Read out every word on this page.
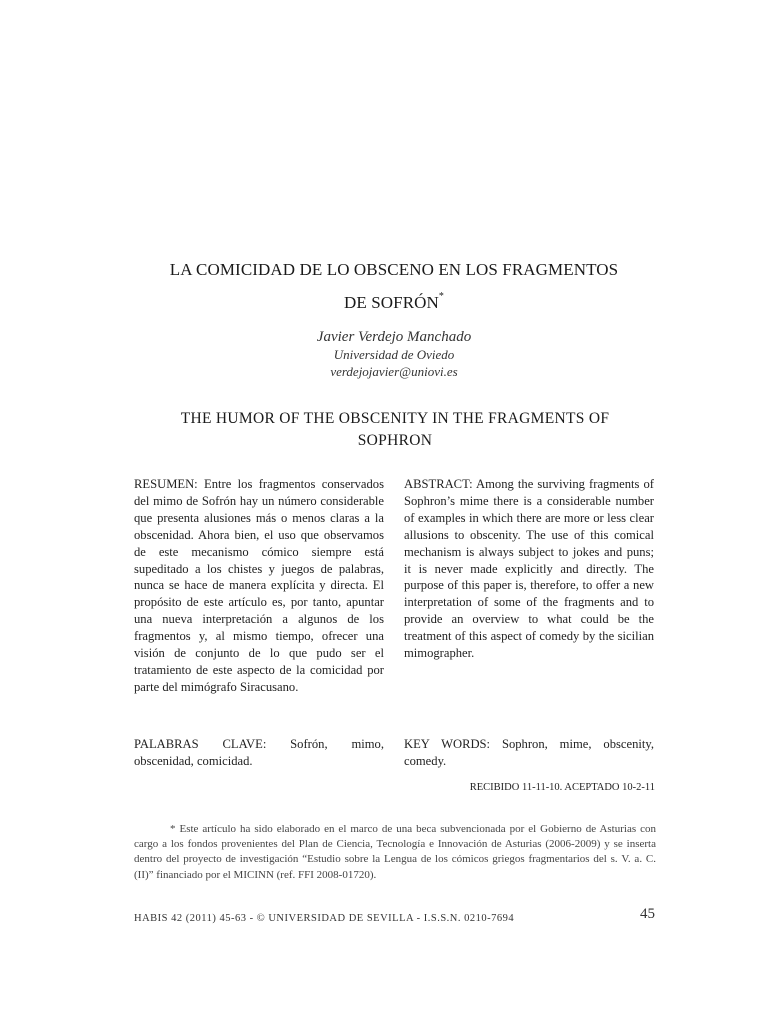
LA COMICIDAD DE LO OBSCENO EN LOS FRAGMENTOS
DE SOFRÓN*
Javier Verdejo Manchado
Universidad de Oviedo
verdejojavier@uniovi.es
THE HUMOR OF THE OBSCENITY IN THE FRAGMENTS OF
SOPHRON
RESUMEN: Entre los fragmentos conservados del mimo de Sofrón hay un número considerable que presenta alusiones más o menos claras a la obscenidad. Ahora bien, el uso que observamos de este mecanismo cómico siempre está supeditado a los chistes y juegos de palabras, nunca se hace de manera explícita y directa. El propósito de este artículo es, por tanto, apuntar una nueva interpretación a algunos de los fragmentos y, al mismo tiempo, ofrecer una visión de conjunto de lo que pudo ser el tratamiento de este aspecto de la comicidad por parte del mimógrafo Siracusano.
ABSTRACT: Among the surviving fragments of Sophron’s mime there is a considerable number of examples in which there are more or less clear allusions to obscenity. The use of this comical mechanism is always subject to jokes and puns; it is never made explicitly and directly. The purpose of this paper is, therefore, to offer a new interpretation of some of the fragments and to provide an overview to what could be the treatment of this aspect of comedy by the sicilian mimographer.
PALABRAS CLAVE: Sofrón, mimo, obscenidad, comicidad.
KEY WORDS: Sophron, mime, obscenity, comedy.
RECIBIDO 11-11-10. ACEPTADO 10-2-11
* Este artículo ha sido elaborado en el marco de una beca subvencionada por el Gobierno de Asturias con cargo a los fondos provenientes del Plan de Ciencia, Tecnología e Innovación de Asturias (2006-2009) y se inserta dentro del proyecto de investigación “Estudio sobre la Lengua de los cómicos griegos fragmentarios del s. V. a. C. (II)” financiado por el MICINN (ref. FFI 2008-01720).
HABIS 42 (2011) 45-63 - © UNIVERSIDAD DE SEVILLA - I.S.S.N. 0210-7694	45
